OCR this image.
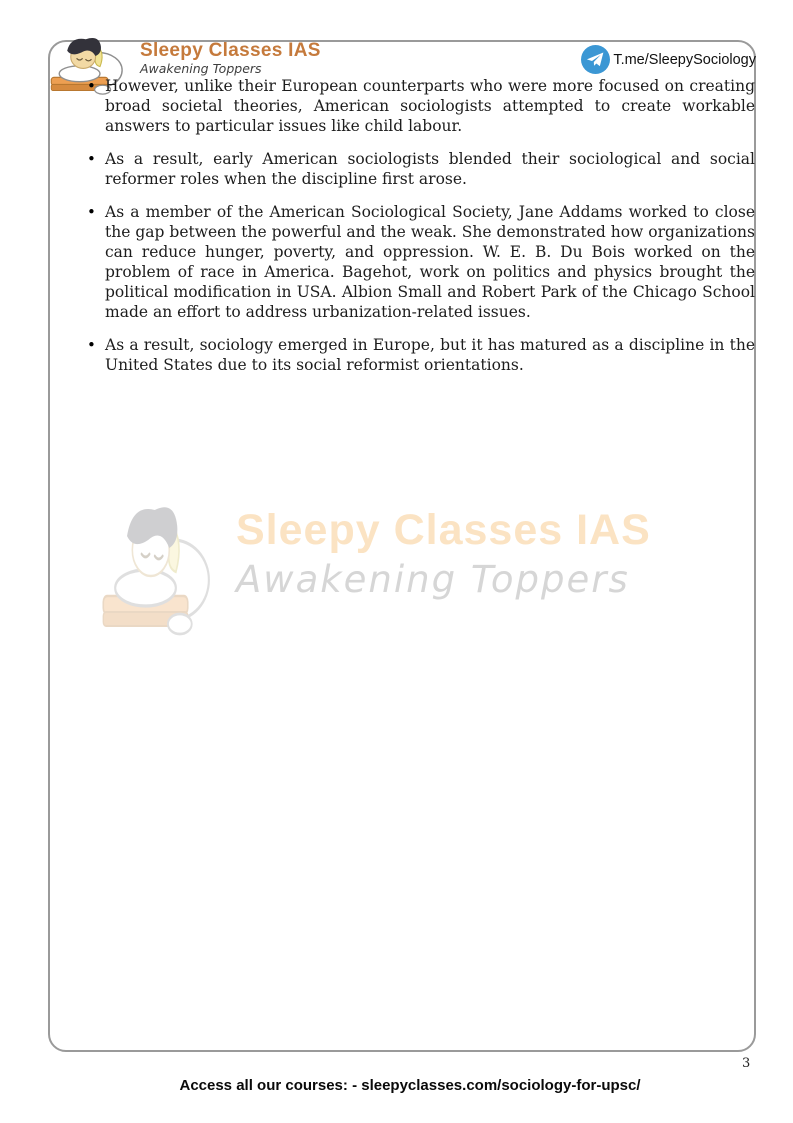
Sleepy Classes IAS
Awakening Toppers
T.me/SleepySociology
• However, unlike their European counterparts who were more focused on creating broad societal theories, American sociologists attempted to create workable answers to particular issues like child labour.
• As a result, early American sociologists blended their sociological and social reformer roles when the discipline first arose.
• As a member of the American Sociological Society, Jane Addams worked to close the gap between the powerful and the weak. She demonstrated how organizations can reduce hunger, poverty, and oppression. W. E. B. Du Bois worked on the problem of race in America. Bagehot, work on politics and physics brought the political modification in USA. Albion Small and Robert Park of the Chicago School made an effort to address urbanization-related issues.
• As a result, sociology emerged in Europe, but it has matured as a discipline in the United States due to its social reformist orientations.
Sleepy Classes IAS
Awakening Toppers
3
Access all our courses: - sleepyclasses.com/sociology-for-upsc/
